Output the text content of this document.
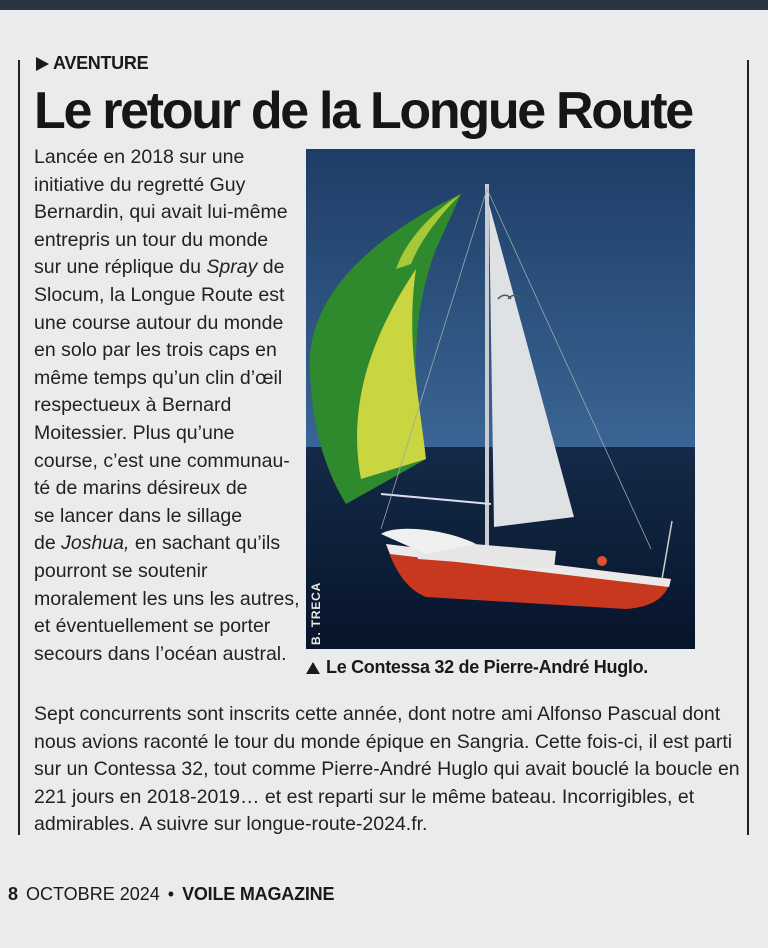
AVENTURE
Le retour de la Longue Route

Lancée en 2018 sur une

initiative du regretté Guy

Bernardin, qui avait lui-même

entrepris un tour du monde

sur une réplique du Spray de

Slocum, la Longue Route est

une course autour du monde

en solo par les trois caps en

même temps qu’un clin d’œil

respectueux à Bernard

Moitessier. Plus qu’une

course, c’est une communau-

té de marins désireux de

se lancer dans le sillage

de Joshua, en sachant qu’ils

pourront se soutenir

moralement les uns les autres,

et éventuellement se porter

secours dans l’océan austral.

B. TRECA
Le Contessa 32 de Pierre-André Huglo.

Sept concurrents sont inscrits cette année, dont notre ami Alfonso Pascual dont

nous avions raconté le tour du monde épique en Sangria. Cette fois-ci, il est parti

sur un Contessa 32, tout comme Pierre-André Huglo qui avait bouclé la boucle en

221 jours en 2018-2019… et est reparti sur le même bateau. Incorrigibles, et

admirables. A suivre sur longue-route-2024.fr.

8 OCTOBRE 2024 • VOILE MAGAZINE
